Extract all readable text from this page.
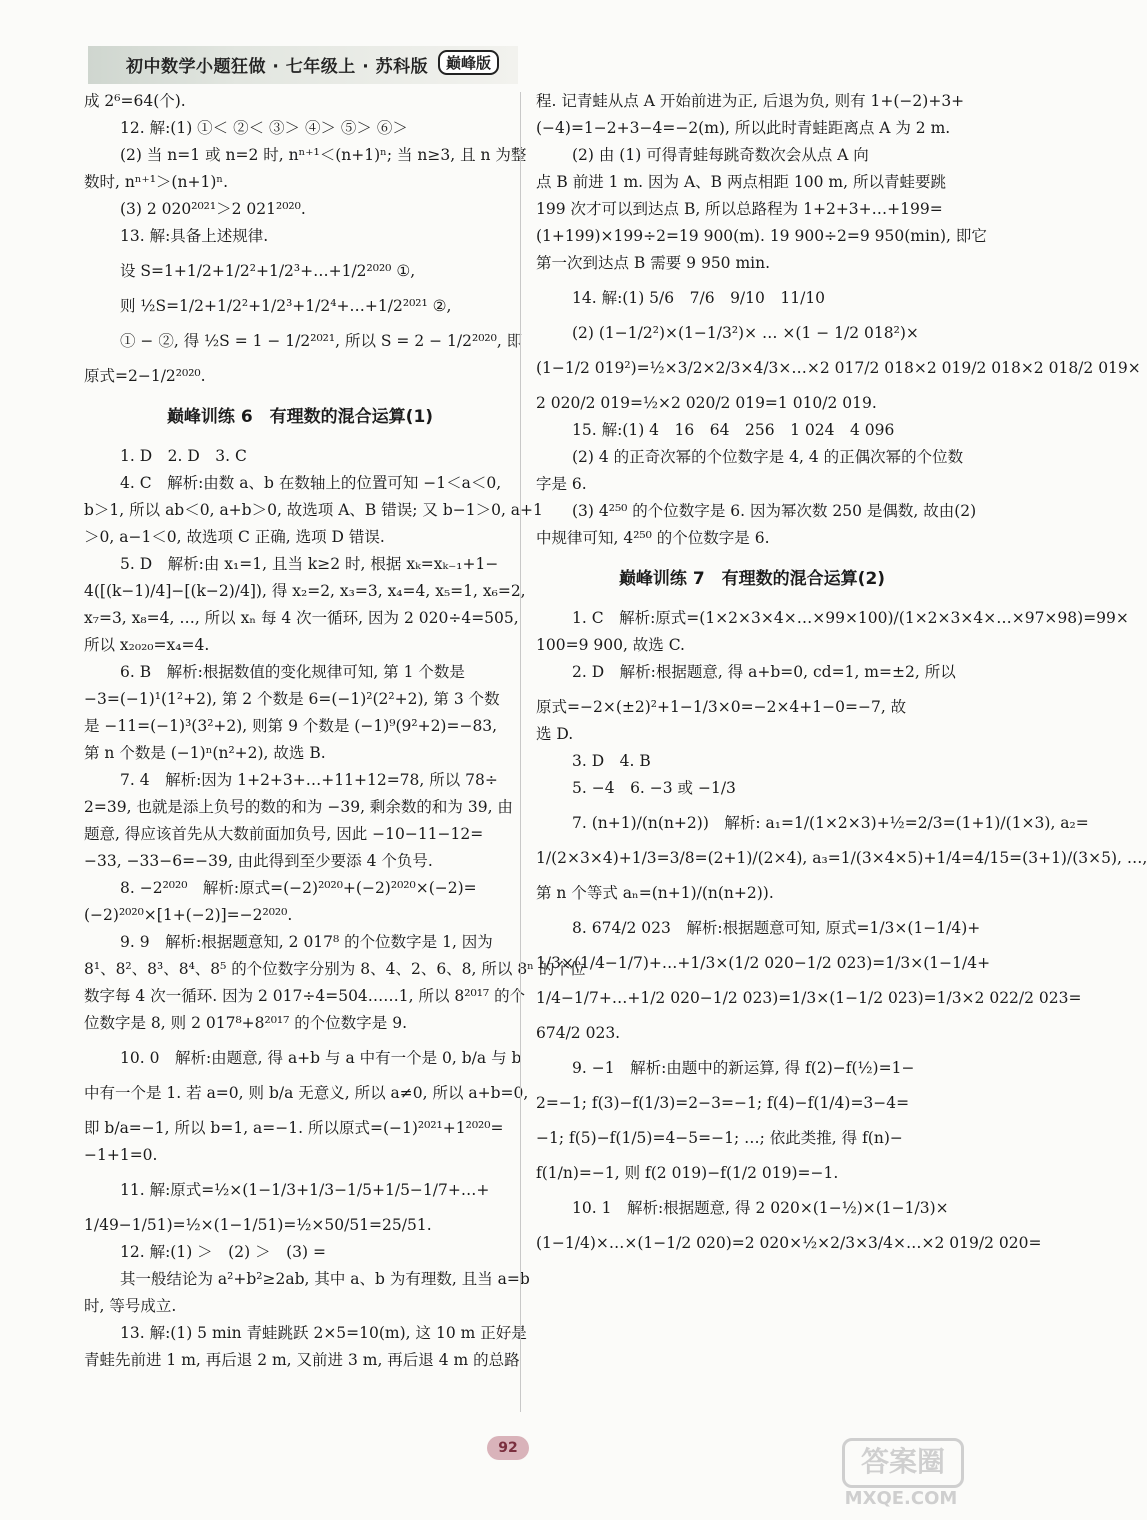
初中数学小题狂做 · 七年级上 · 苏科版	巅峰版

成 2⁶=64(个).

12. 解:(1) ①＜ ②＜ ③＞ ④＞ ⑤＞ ⑥＞

(2) 当 n=1 或 n=2 时, nⁿ⁺¹＜(n+1)ⁿ; 当 n≥3, 且 n 为整

数时, nⁿ⁺¹＞(n+1)ⁿ.

(3) 2 020²⁰²¹＞2 021²⁰²⁰.

13. 解:具备上述规律.

设 S=1+1/2+1/2²+1/2³+…+1/2²⁰²⁰ ①,

则 ½S=1/2+1/2²+1/2³+1/2⁴+…+1/2²⁰²¹ ②,

① − ②, 得 ½S = 1 − 1/2²⁰²¹, 所以 S = 2 − 1/2²⁰²⁰, 即

原式=2−1/2²⁰²⁰.

巅峰训练 6　有理数的混合运算(1)

1. D　2. D　3. C

4. C　解析:由数 a、b 在数轴上的位置可知 −1＜a＜0,

b＞1, 所以 ab＜0, a+b＞0, 故选项 A、B 错误; 又 b−1＞0, a+1

＞0, a−1＜0, 故选项 C 正确, 选项 D 错误.

5. D　解析:由 x₁=1, 且当 k≥2 时, 根据 xₖ=xₖ₋₁+1−

4([(k−1)/4]−[(k−2)/4]), 得 x₂=2, x₃=3, x₄=4, x₅=1, x₆=2,

x₇=3, x₈=4, …, 所以 xₙ 每 4 次一循环, 因为 2 020÷4=505,

所以 x₂₀₂₀=x₄=4.

6. B　解析:根据数值的变化规律可知, 第 1 个数是

−3=(−1)¹(1²+2), 第 2 个数是 6=(−1)²(2²+2), 第 3 个数

是 −11=(−1)³(3²+2), 则第 9 个数是 (−1)⁹(9²+2)=−83,

第 n 个数是 (−1)ⁿ(n²+2), 故选 B.

7. 4　解析:因为 1+2+3+…+11+12=78, 所以 78÷

2=39, 也就是添上负号的数的和为 −39, 剩余数的和为 39, 由

题意, 得应该首先从大数前面加负号, 因此 −10−11−12=

−33, −33−6=−39, 由此得到至少要添 4 个负号.

8. −2²⁰²⁰　解析:原式=(−2)²⁰²⁰+(−2)²⁰²⁰×(−2)=

(−2)²⁰²⁰×[1+(−2)]=−2²⁰²⁰.

9. 9　解析:根据题意知, 2 017⁸ 的个位数字是 1, 因为

8¹、8²、8³、8⁴、8⁵ 的个位数字分别为 8、4、2、6、8, 所以 8ⁿ 的个位

数字每 4 次一循环. 因为 2 017÷4=504……1, 所以 8²⁰¹⁷ 的个

位数字是 8, 则 2 017⁸+8²⁰¹⁷ 的个位数字是 9.

10. 0　解析:由题意, 得 a+b 与 a 中有一个是 0, b/a 与 b

中有一个是 1. 若 a=0, 则 b/a 无意义, 所以 a≠0, 所以 a+b=0,

即 b/a=−1, 所以 b=1, a=−1. 所以原式=(−1)²⁰²¹+1²⁰²⁰=

−1+1=0.

11. 解:原式=½×(1−1/3+1/3−1/5+1/5−1/7+…+

1/49−1/51)=½×(1−1/51)=½×50/51=25/51.

12. 解:(1) ＞　(2) ＞　(3) =

其一般结论为 a²+b²≥2ab, 其中 a、b 为有理数, 且当 a=b

时, 等号成立.

13. 解:(1) 5 min 青蛙跳跃 2×5=10(m), 这 10 m 正好是

青蛙先前进 1 m, 再后退 2 m, 又前进 3 m, 再后退 4 m 的总路

程. 记青蛙从点 A 开始前进为正, 后退为负, 则有 1+(−2)+3+

(−4)=1−2+3−4=−2(m), 所以此时青蛙距离点 A 为 2 m.

(2) 由 (1) 可得青蛙每跳奇数次会从点 A 向

点 B 前进 1 m. 因为 A、B 两点相距 100 m, 所以青蛙要跳

199 次才可以到达点 B, 所以总路程为 1+2+3+…+199=

(1+199)×199÷2=19 900(m). 19 900÷2=9 950(min), 即它

第一次到达点 B 需要 9 950 min.

14. 解:(1) 5/6　7/6　9/10　11/10

(2) (1−1/2²)×(1−1/3²)× … ×(1 − 1/2 018²)×

(1−1/2 019²)=½×3/2×2/3×4/3×…×2 017/2 018×2 019/2 018×2 018/2 019×

2 020/2 019=½×2 020/2 019=1 010/2 019.

15. 解:(1) 4　16　64　256　1 024　4 096

(2) 4 的正奇次幂的个位数字是 4, 4 的正偶次幂的个位数

字是 6.

(3) 4²⁵⁰ 的个位数字是 6. 因为幂次数 250 是偶数, 故由(2)

中规律可知, 4²⁵⁰ 的个位数字是 6.

巅峰训练 7　有理数的混合运算(2)

1. C　解析:原式=(1×2×3×4×…×99×100)/(1×2×3×4×…×97×98)=99×

100=9 900, 故选 C.

2. D　解析:根据题意, 得 a+b=0, cd=1, m=±2, 所以

原式=−2×(±2)²+1−1/3×0=−2×4+1−0=−7, 故

选 D.

3. D　4. B

5. −4　6. −3 或 −1/3

7. (n+1)/(n(n+2))　解析: a₁=1/(1×2×3)+½=2/3=(1+1)/(1×3), a₂=

1/(2×3×4)+1/3=3/8=(2+1)/(2×4), a₃=1/(3×4×5)+1/4=4/15=(3+1)/(3×5), …,

第 n 个等式 aₙ=(n+1)/(n(n+2)).

8. 674/2 023　解析:根据题意可知, 原式=1/3×(1−1/4)+

1/3×(1/4−1/7)+…+1/3×(1/2 020−1/2 023)=1/3×(1−1/4+

1/4−1/7+…+1/2 020−1/2 023)=1/3×(1−1/2 023)=1/3×2 022/2 023=

674/2 023.

9. −1　解析:由题中的新运算, 得 f(2)−f(½)=1−

2=−1; f(3)−f(1/3)=2−3=−1; f(4)−f(1/4)=3−4=

−1; f(5)−f(1/5)=4−5=−1; …; 依此类推, 得 f(n)−

f(1/n)=−1, 则 f(2 019)−f(1/2 019)=−1.

10. 1　解析:根据题意, 得 2 020×(1−½)×(1−1/3)×

(1−1/4)×…×(1−1/2 020)=2 020×½×2/3×3/4×…×2 019/2 020=

92	答案圈
MXQE.COM
